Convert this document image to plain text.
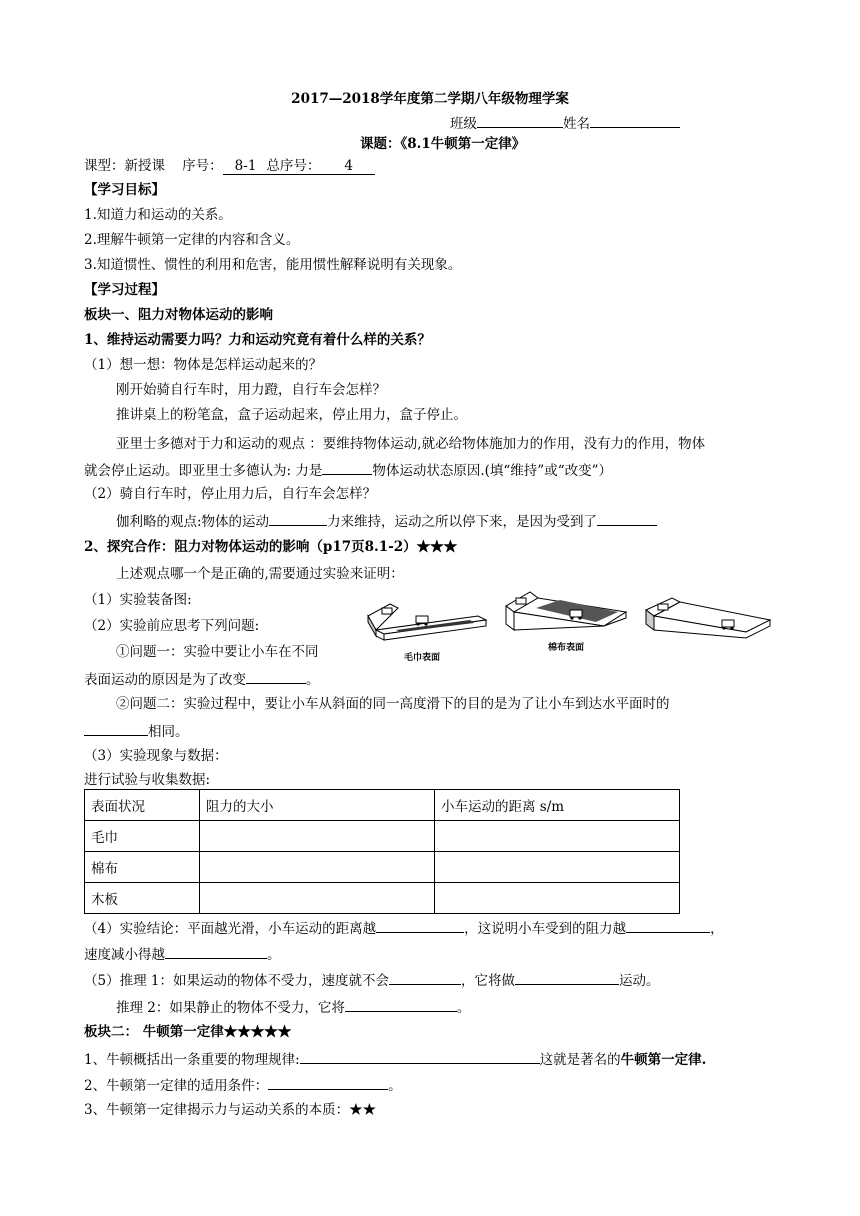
2017—2018学年度第二学期八年级物理学案
班级	姓名
课题：《8.1牛顿第一定律》
课型：新授课 序号： 8-1 总序号： 4
【学习目标】
1.知道力和运动的关系。
2.理解牛顿第一定律的内容和含义。
3.知道惯性、惯性的利用和危害，能用惯性解释说明有关现象。
【学习过程】
板块一、阻力对物体运动的影响
1、维持运动需要力吗？力和运动究竟有着什么样的关系？
（1）想一想：物体是怎样运动起来的？
刚开始骑自行车时，用力蹬，自行车会怎样？
推讲桌上的粉笔盒，盒子运动起来，停止用力，盒子停止。
亚里士多德对于力和运动的观点 ：要维持物体运动,就必给物体施加力的作用，没有力的作用，物体
就会停止运动。即亚里士多德认为: 力是	物体运动状态原因.(填“维持”或“改变”）
（2）骑自行车时，停止用力后，自行车会怎样？
伽利略的观点:物体的运动	力来维持，运动之所以停下来，是因为受到了
2、探究合作：阻力对物体运动的影响（p17页8.1-2）★★★
上述观点哪一个是正确的,需要通过实验来证明：
（1）实验装备图:
（2）实验前应思考下列问题:
①问题一：实验中要让小车在不同
表面运动的原因是为了改变	。
②问题二：实验过程中，要让小车从斜面的同一高度滑下的目的是为了让小车到达水平面时的
相同。
毛巾表面
棉布表面
（3）实验现象与数据：
进行试验与收集数据:
表面状况	阻力的大小	小车运动的距离 s/m
毛巾		
棉布		
木板		
（4）实验结论：平面越光滑，小车运动的距离越	，这说明小车受到的阻力越	，
速度减小得越	。
（5）推理 1：如果运动的物体不受力，速度就不会	，它将做	运动。
推理 2：如果静止的物体不受力，它将	。
板块二： 牛顿第一定律★★★★★
1、牛顿概括出一条重要的物理规律:	这就是著名的牛顿第一定律.
2、牛顿第一定律的适用条件：	。
3、牛顿第一定律揭示力与运动关系的本质：★★
